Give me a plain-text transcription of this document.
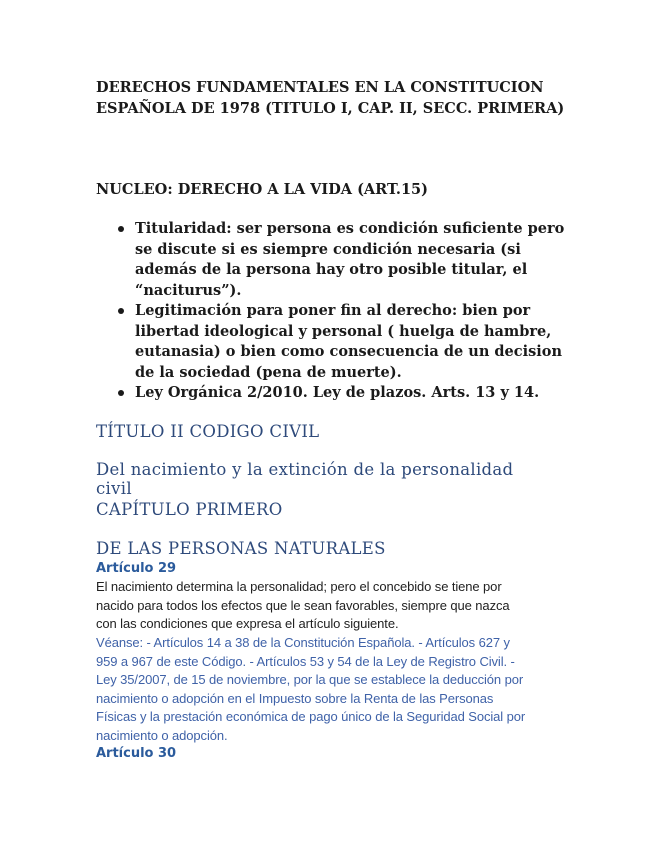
DERECHOS FUNDAMENTALES EN LA CONSTITUCION
ESPAÑOLA DE 1978 (TITULO I, CAP. II, SECC. PRIMERA)
NUCLEO: DERECHO A LA VIDA (ART.15)
Titularidad: ser persona es condición suficiente pero
se discute si es siempre condición necesaria (si
además de la persona hay otro posible titular, el
“naciturus”).
Legitimación para poner fin al derecho: bien por
libertad ideological y personal ( huelga de hambre,
eutanasia) o bien como consecuencia de un decision
de la sociedad (pena de muerte).
Ley Orgánica 2/2010. Ley de plazos. Arts. 13 y 14.
TÍTULO II CODIGO CIVIL
Del nacimiento y la extinción de la personalidad
civil
CAPÍTULO PRIMERO
DE LAS PERSONAS NATURALES
Artículo 29
El nacimiento determina la personalidad; pero el concebido se tiene por
nacido para todos los efectos que le sean favorables, siempre que nazca
con las condiciones que expresa el artículo siguiente.
Véanse: - Artículos 14 a 38 de la Constitución Española. - Artículos 627 y
959 a 967 de este Código. - Artículos 53 y 54 de la Ley de Registro Civil. -
Ley 35/2007, de 15 de noviembre, por la que se establece la deducción por
nacimiento o adopción en el Impuesto sobre la Renta de las Personas
Físicas y la prestación económica de pago único de la Seguridad Social por
nacimiento o adopción.
Artículo 30
